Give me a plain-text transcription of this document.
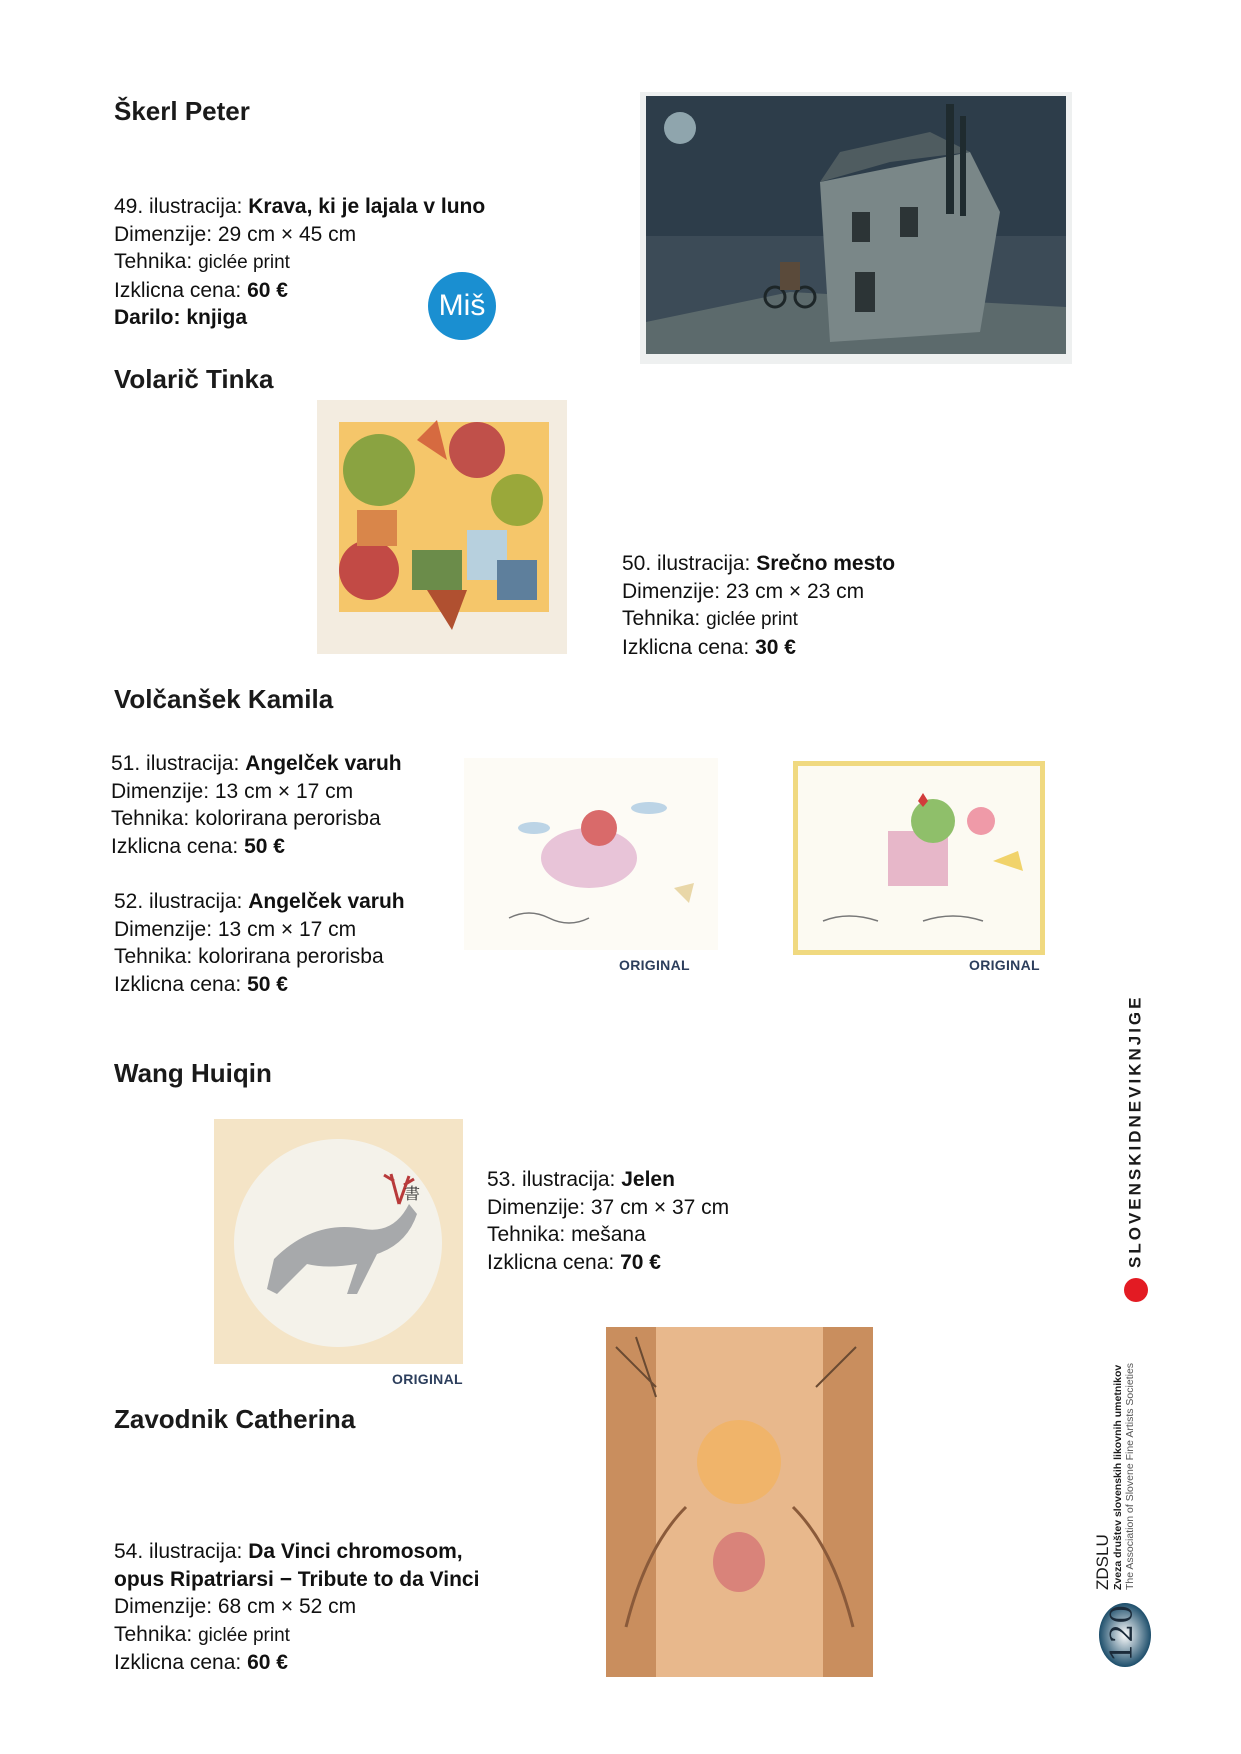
Škerl Peter
49. ilustracija: Krava, ki je lajala v luno
Dimenzije: 29 cm × 45 cm
Tehnika: giclée print
Izklicna cena: 60 €
Darilo: knjiga	Miš
Volarič Tinka
50. ilustracija: Srečno mesto
Dimenzije: 23 cm × 23 cm
Tehnika: giclée print
Izklicna cena: 30 €
Volčanšek Kamila
51. ilustracija: Angelček varuh
Dimenzije: 13 cm × 17 cm
Tehnika: kolorirana perorisba
Izklicna cena: 50 €
52. ilustracija: Angelček varuh
Dimenzije: 13 cm × 17 cm
Tehnika: kolorirana perorisba
Izklicna cena: 50 €
ORIGINAL	ORIGINAL
Wang Huiqin
書
ORIGINAL
53. ilustracija: Jelen
Dimenzije: 37 cm × 37 cm
Tehnika: mešana
Izklicna cena: 70 €
Zavodnik Catherina
54. ilustracija: Da Vinci chromosom,
opus Ripatriarsi − Tribute to da Vinci
Dimenzije: 68 cm × 52 cm
Tehnika: giclée print
Izklicna cena: 60 €
SLOVENSKIDNEVIKNJIGE
ZDSLU Zveza društev slovenskih likovnih umetnikov The Association of Slovene Fine Artists Societies
120
